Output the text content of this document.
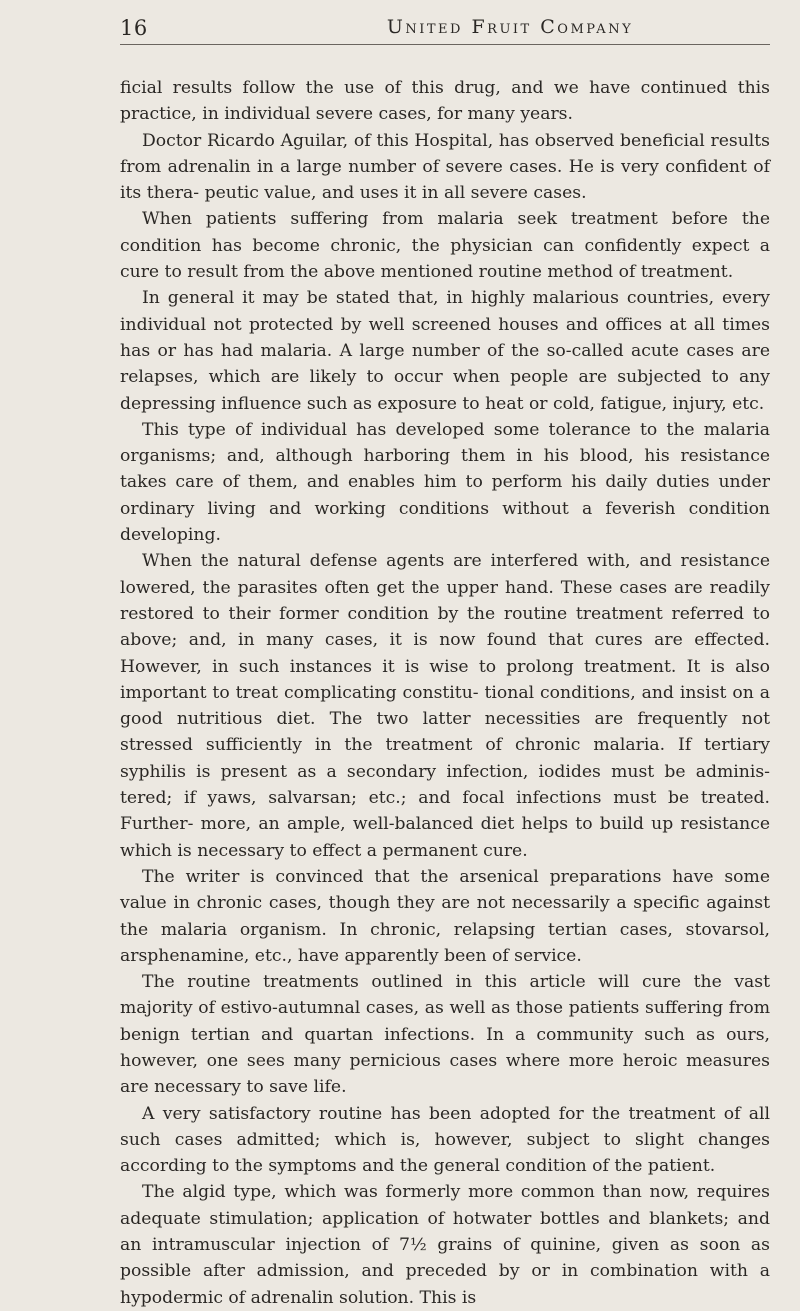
16	United Fruit Company

ficial results follow the use of this drug, and we have continued this practice, in individual severe cases, for many years.

Doctor Ricardo Aguilar, of this Hospital, has observed beneficial results from adrenalin in a large number of severe cases. He is very confident of its thera- peutic value, and uses it in all severe cases.

When patients suffering from malaria seek treatment before the condition has become chronic, the physician can confidently expect a cure to result from the above mentioned routine method of treatment.

In general it may be stated that, in highly malarious countries, every individual not protected by well screened houses and offices at all times has or has had malaria. A large number of the so-called acute cases are relapses, which are likely to occur when people are subjected to any depressing influence such as exposure to heat or cold, fatigue, injury, etc.

This type of individual has developed some tolerance to the malaria organisms; and, although harboring them in his blood, his resistance takes care of them, and enables him to perform his daily duties under ordinary living and working conditions without a feverish condition developing.

When the natural defense agents are interfered with, and resistance lowered, the parasites often get the upper hand. These cases are readily restored to their former condition by the routine treatment referred to above; and, in many cases, it is now found that cures are effected. However, in such instances it is wise to prolong treatment. It is also important to treat complicating constitu- tional conditions, and insist on a good nutritious diet. The two latter necessities are frequently not stressed sufficiently in the treatment of chronic malaria. If tertiary syphilis is present as a secondary infection, iodides must be adminis- tered; if yaws, salvarsan; etc.; and focal infections must be treated. Further- more, an ample, well-balanced diet helps to build up resistance which is necessary to effect a permanent cure.

The writer is convinced that the arsenical preparations have some value in chronic cases, though they are not necessarily a specific against the malaria organism. In chronic, relapsing tertian cases, stovarsol, arsphenamine, etc., have apparently been of service.

The routine treatments outlined in this article will cure the vast majority of estivo-autumnal cases, as well as those patients suffering from benign tertian and quartan infections. In a community such as ours, however, one sees many pernicious cases where more heroic measures are necessary to save life.

A very satisfactory routine has been adopted for the treatment of all such cases admitted; which is, however, subject to slight changes according to the symptoms and the general condition of the patient.

The algid type, which was formerly more common than now, requires adequate stimulation; application of hotwater bottles and blankets; and an intramuscular injection of 7½ grains of quinine, given as soon as possible after admission, and preceded by or in combination with a hypodermic of adrenalin solution. This is
